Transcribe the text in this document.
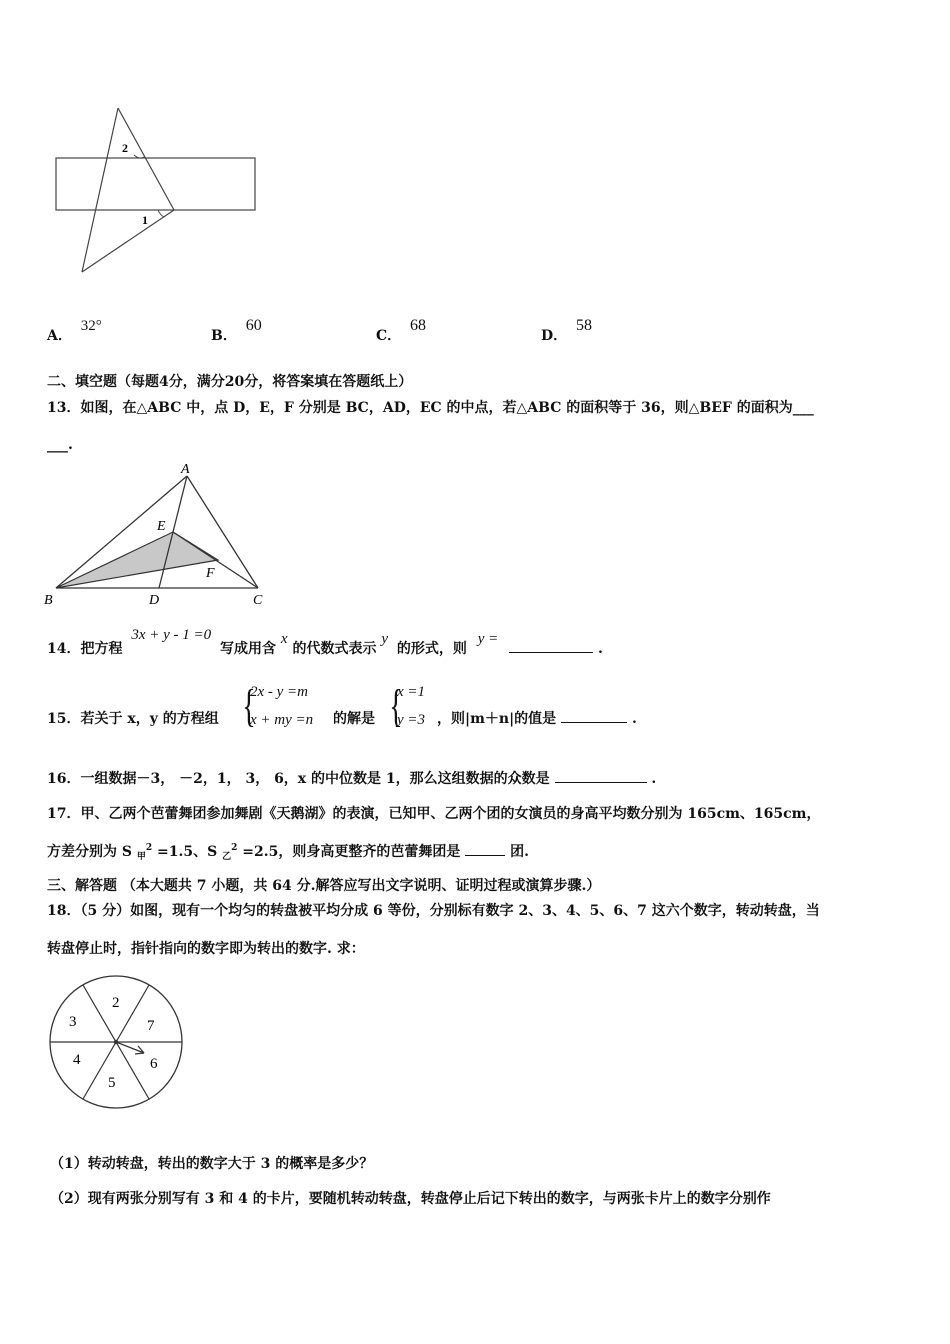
2
1
A． 32°
B． 60
C． 68
D． 58
二、填空题（每题4分，满分20分，将答案填在答题纸上）
13．如图，在△ABC 中，点 D，E，F 分别是 BC，AD，EC 的中点，若△ABC 的面积等于 36，则△BEF 的面积为___
___.
A
E
F
B	D	C
14．把方程 3x + y - 1 =0 写成用含 x 的代数式表示 y 的形式，则 y =  .
15．若关于 x，y 的方程组 {
2x - y =m
x + my =n 的解是 {
x =1
y =3 ，则|m＋n|的值是	.
16．一组数据－3， －2，1， 3， 6，x 的中位数是 1，那么这组数据的众数是	.
17．甲、乙两个芭蕾舞团参加舞剧《天鹅湖》的表演，已知甲、乙两个团的女演员的身高平均数分别为 165cm、165cm，
方差分别为 S $_甲^2$ =1.5、S $_乙^2$ =2.5，则身高更整齐的芭蕾舞团是	团.
三、解答题 （本大题共 7 小题，共 64 分.解答应写出文字说明、证明过程或演算步骤.）
18．（5 分）如图，现有一个均匀的转盘被平均分成 6 等份，分别标有数字 2、3、4、5、6、7 这六个数字，转动转盘，当
转盘停止时，指针指向的数字即为转出的数字. 求：
2
3	7
4	6
5
（1）转动转盘，转出的数字大于 3 的概率是多少？
（2）现有两张分别写有 3 和 4 的卡片，要随机转动转盘，转盘停止后记下转出的数字，与两张卡片上的数字分别作
